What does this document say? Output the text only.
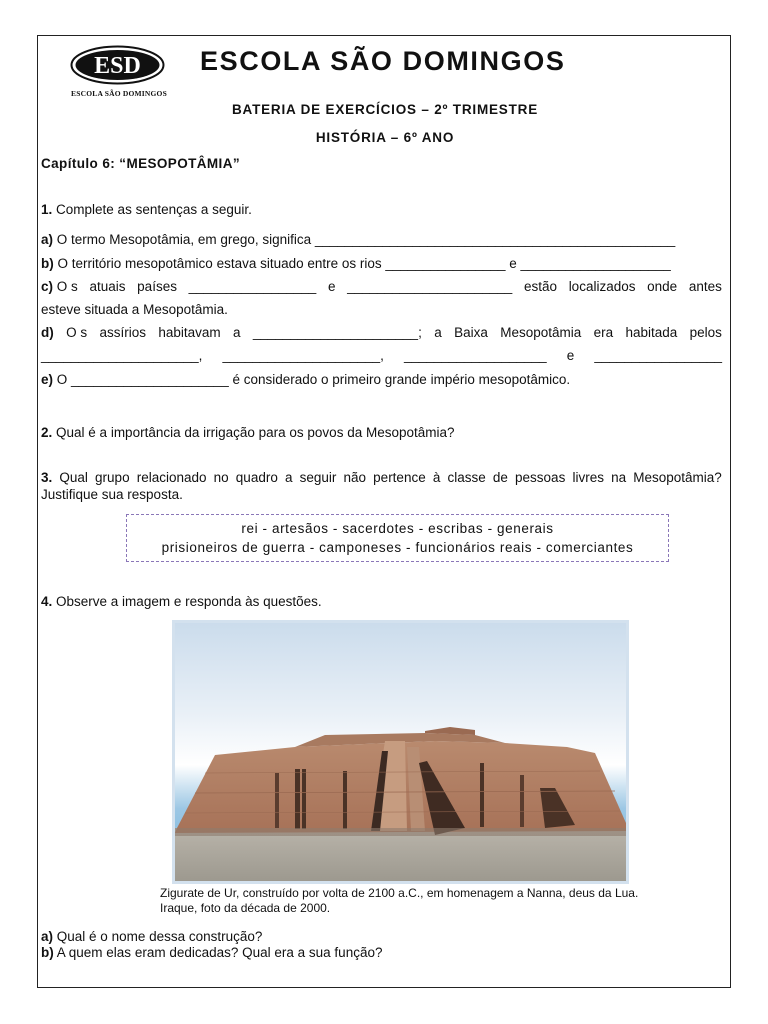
ESD
ESCOLA SÃO DOMINGOS
ESCOLA SÃO DOMINGOS
BATERIA DE EXERCÍCIOS – 2º TRIMESTRE
HISTÓRIA – 6º ANO
Capítulo 6: “MESOPOTÂMIA”
1. Complete as sentenças a seguir.
a) O termo Mesopotâmia, em grego, significa ________________________________________________
b) O território mesopotâmico estava situado entre os rios ________________ e ____________________
c) O s atuais países _________________ e ______________________ estão localizados onde antes
esteve situada a Mesopotâmia.
d) O s assírios habitavam a ______________________; a Baixa Mesopotâmia era habitada pelos
_____________________, _____________________, ___________________ e _________________
e) O _____________________ é considerado o primeiro grande império mesopotâmico.
2. Qual é a importância da irrigação para os povos da Mesopotâmia?
3. Qual grupo relacionado no quadro a seguir não pertence à classe de pessoas livres na Mesopotâmia?
Justifique sua resposta.
rei - artesãos - sacerdotes - escribas - generais
prisioneiros de guerra - camponeses - funcionários reais - comerciantes
4. Observe a imagem e responda às questões.
Zigurate de Ur, construído por volta de 2100 a.C., em homenagem a Nanna, deus da Lua. Iraque, foto da década de 2000.
a) Qual é o nome dessa construção?
b) A quem elas eram dedicadas? Qual era a sua função?
